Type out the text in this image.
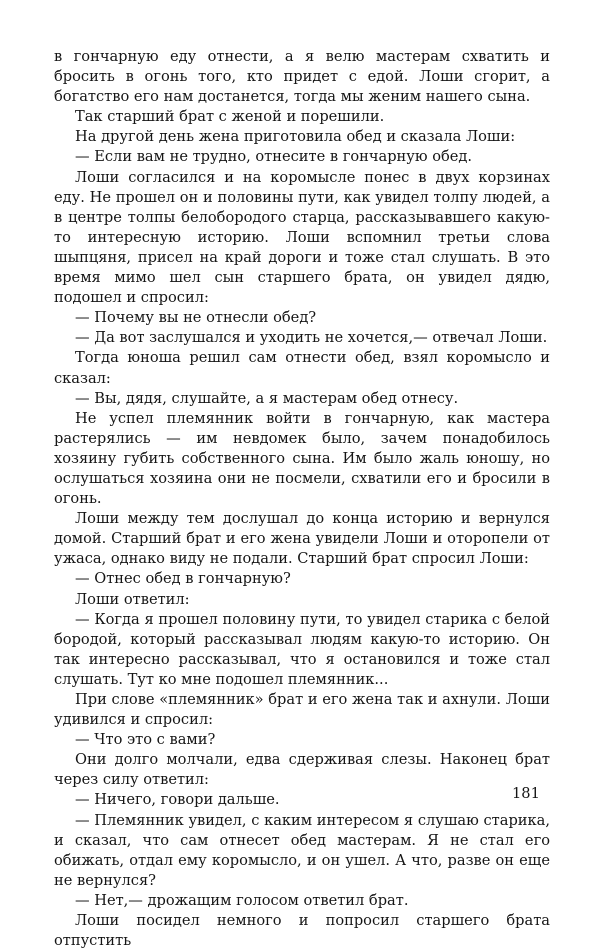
в гончарную еду отнести, а я велю мастерам схватить и бросить в огонь того, кто придет с едой. Лоши сгорит, а богатство его нам достанется, тогда мы женим нашего сына.

Так старший брат с женой и порешили.

На другой день жена приготовила обед и сказала Лоши:

— Если вам не трудно, отнесите в гончарную обед.

Лоши согласился и на коромысле понес в двух корзинах еду. Не прошел он и половины пути, как увидел толпу людей, а в центре толпы белобородого старца, рассказывавшего какую-то интересную историю. Лоши вспомнил третьи слова шыпцяня, присел на край дороги и тоже стал слушать. В это время мимо шел сын старшего брата, он увидел дядю, подошел и спросил:

— Почему вы не отнесли обед?

— Да вот заслушался и уходить не хочется,— отвечал Лоши.

Тогда юноша решил сам отнести обед, взял коромысло и сказал:

— Вы, дядя, слушайте, а я мастерам обед отнесу.

Не успел племянник войти в гончарную, как мастера растерялись — им невдомек было, зачем понадобилось хозяину губить собственного сына. Им было жаль юношу, но ослушаться хозяина они не посмели, схватили его и бросили в огонь.

Лоши между тем дослушал до конца историю и вернулся домой. Старший брат и его жена увидели Лоши и оторопели от ужаса, однако виду не подали. Старший брат спросил Лоши:

— Отнес обед в гончарную?

Лоши ответил:

— Когда я прошел половину пути, то увидел старика с белой бородой, который рассказывал людям какую-то историю. Он так интересно рассказывал, что я остановился и тоже стал слушать. Тут ко мне подошел племянник...

При слове «племянник» брат и его жена так и ахнули. Лоши удивился и спросил:

— Что это с вами?

Они долго молчали, едва сдерживая слезы. Наконец брат через силу ответил:

— Ничего, говори дальше.

— Племянник увидел, с каким интересом я слушаю старика, и сказал, что сам отнесет обед мастерам. Я не стал его обижать, отдал ему коромысло, и он ушел. А что, разве он еще не вернулся?

— Нет,— дрожащим голосом ответил брат.

Лоши посидел немного и попросил старшего брата отпустить

181
